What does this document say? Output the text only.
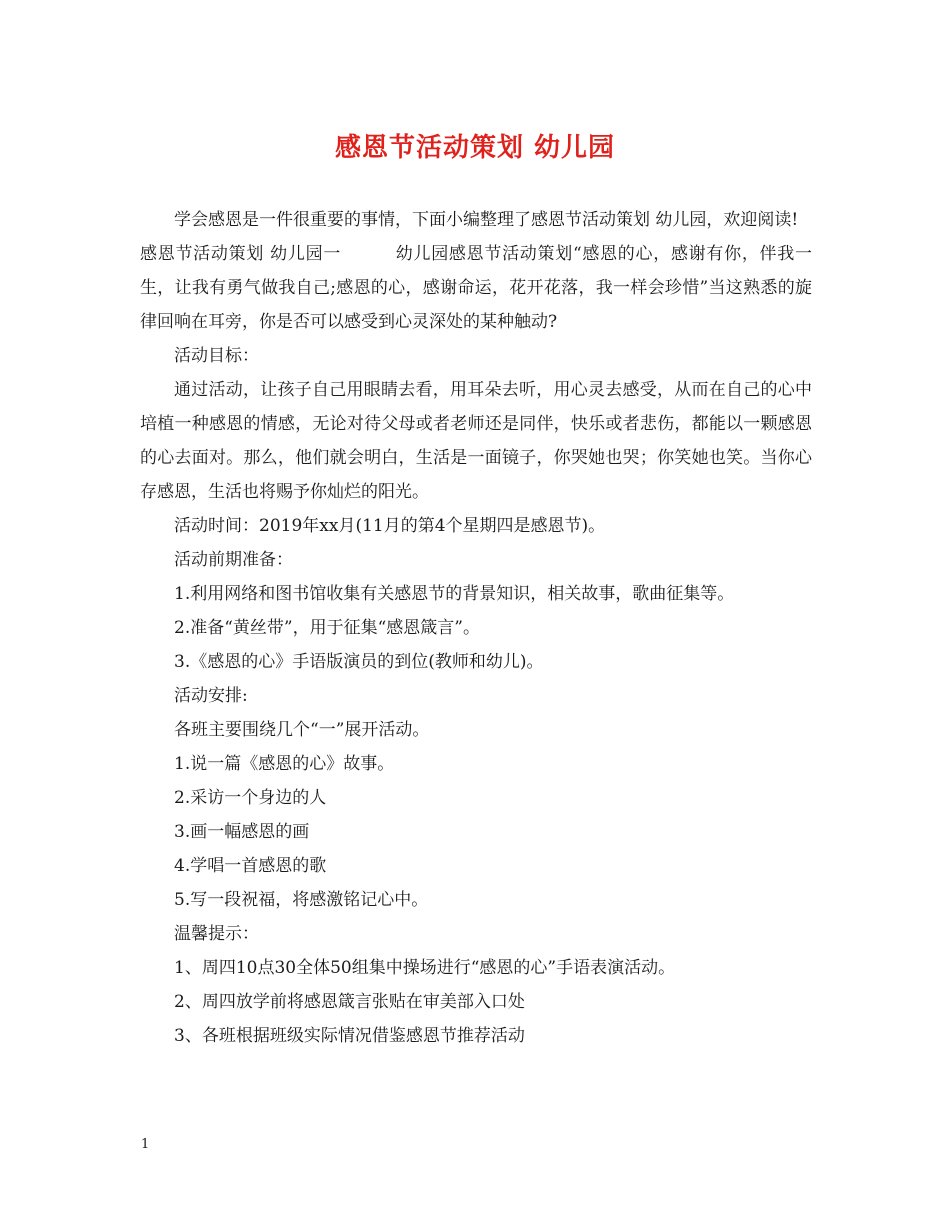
感恩节活动策划 幼儿园

学会感恩是一件很重要的事情，下面小编整理了感恩节活动策划 幼儿园，欢迎阅读!

感恩节活动策划 幼儿园一	幼儿园感恩节活动策划“感恩的心，感谢有你，伴我一生，让我有勇气做我自己;感恩的心，感谢命运，花开花落，我一样会珍惜”当这熟悉的旋律回响在耳旁，你是否可以感受到心灵深处的某种触动?

活动目标：

通过活动，让孩子自己用眼睛去看，用耳朵去听，用心灵去感受，从而在自己的心中培植一种感恩的情感，无论对待父母或者老师还是同伴，快乐或者悲伤，都能以一颗感恩的心去面对。那么，他们就会明白，生活是一面镜子，你哭她也哭；你笑她也笑。当你心存感恩，生活也将赐予你灿烂的阳光。

活动时间：2019年xx月(11月的第4个星期四是感恩节)。

活动前期准备：

1.利用网络和图书馆收集有关感恩节的背景知识，相关故事，歌曲征集等。

2.准备“黄丝带”，用于征集“感恩箴言”。

3.《感恩的心》手语版演员的到位(教师和幼儿)。

活动安排:

各班主要围绕几个“一”展开活动。

1.说一篇《感恩的心》故事。

2.采访一个身边的人

3.画一幅感恩的画

4.学唱一首感恩的歌

5.写一段祝福，将感激铭记心中。

温馨提示：

1、周四10点30全体50组集中操场进行“感恩的心”手语表演活动。

2、周四放学前将感恩箴言张贴在审美部入口处

3、各班根据班级实际情况借鉴感恩节推荐活动

1
